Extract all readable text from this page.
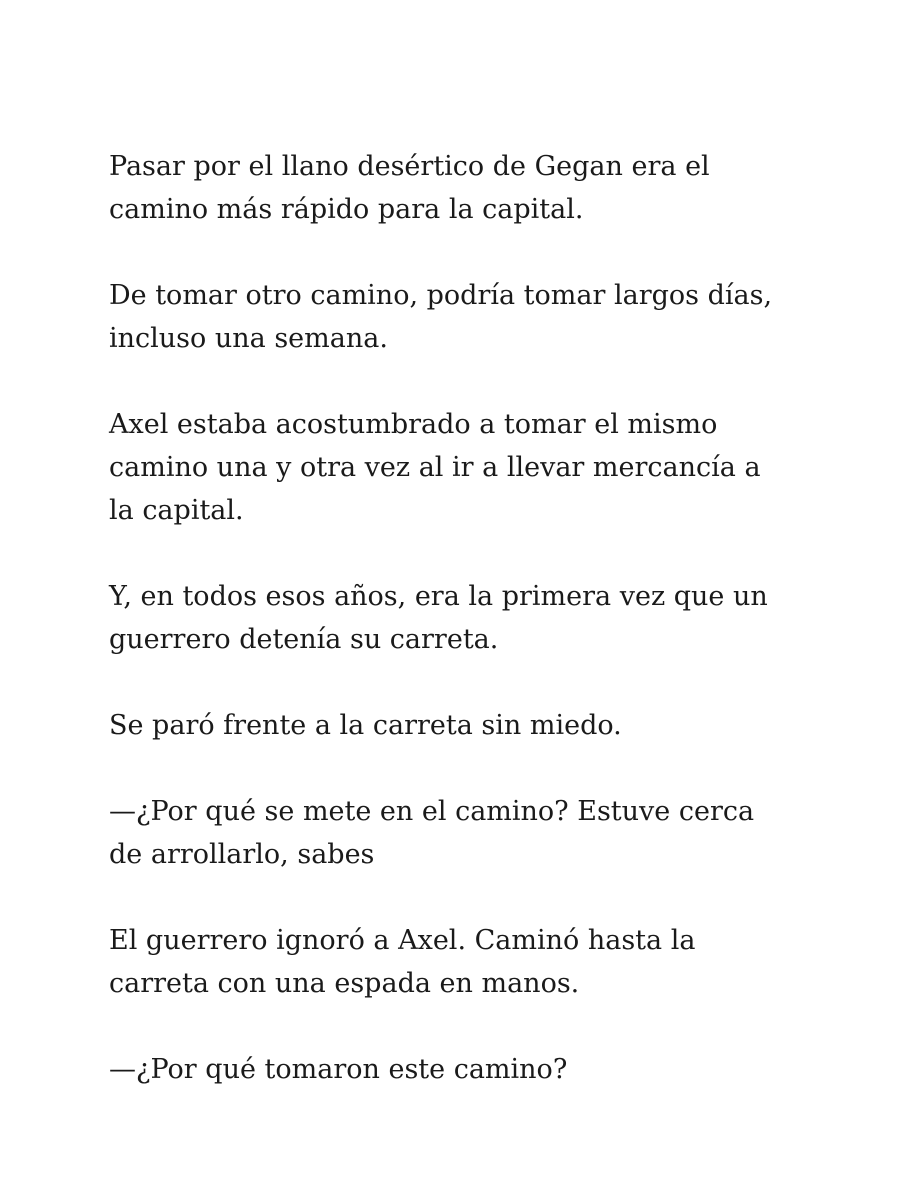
Pasar por el llano desértico de Gegan era el
camino más rápido para la capital.

De tomar otro camino, podría tomar largos días,
incluso una semana.

Axel estaba acostumbrado a tomar el mismo
camino una y otra vez al ir a llevar mercancía a
la capital.

Y, en todos esos años, era la primera vez que un
guerrero detenía su carreta.

Se paró frente a la carreta sin miedo.

—¿Por qué se mete en el camino? Estuve cerca
de arrollarlo, sabes

El guerrero ignoró a Axel. Caminó hasta la
carreta con una espada en manos.

—¿Por qué tomaron este camino?
